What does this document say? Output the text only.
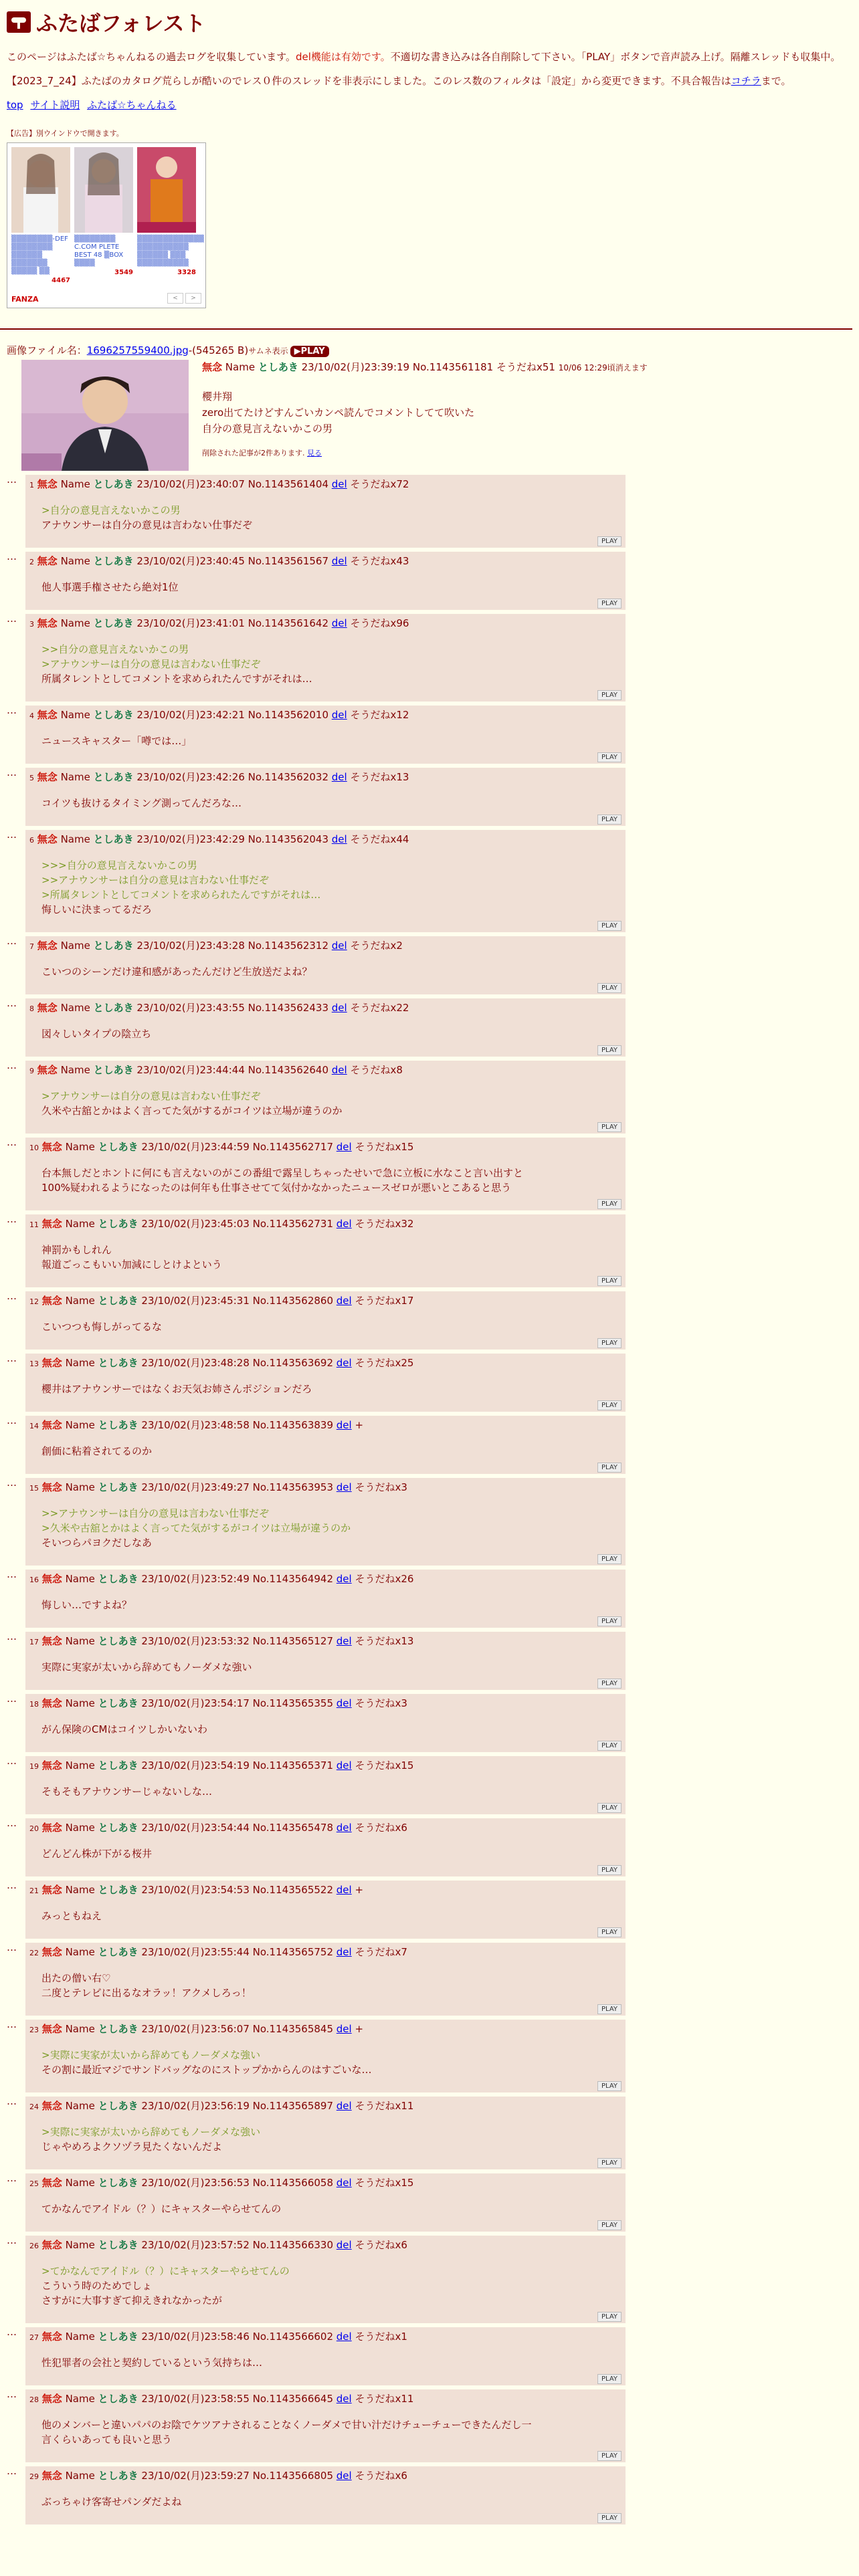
ふたばフォレスト
このページはふたば☆ちゃんねるの過去ログを収集しています。del機能は有効です。不適切な書き込みは各自削除して下さい。「PLAY」ボタンで音声読み上げ。隔離スレッドも収集中。
【2023_7_24】ふたばのカタログ荒らしが酷いのでレス０件のスレッドを非表示にしました。このレス数のフィルタは「設定」から変更できます。不具合報告はコチラまで。
top サイト説明 ふたば☆ちゃんねる
【広告】別ウインドウで開きます。
▒▒▒▒▒▒▒▒-DEF ▒▒▒▒▒▒▒▒ ▒▒▒▒▒▒ ▒▒▒▒▒▒▒ ▒▒▒▒▒ ▒▒
4467
▒▒▒▒▒▒▒▒ C.COM PLETE BEST 48 ▒BOX ▒▒▒▒
3549
▒▒▒▒▒▒▒▒▒▒▒▒▒ ▒▒▒▒▒▒▒▒▒▒ ▒▒▒▒▒▒ ▒▒▒ ▒▒▒▒▒▒▒▒▒▒
3328
FANZA	<	>
画像ファイル名：1696257559400.jpg-(545265 B)サムネ表示 ▶PLAY
無念 Name としあき 23/10/02(月)23:39:19 No.1143561181 そうだねx51 10/06 12:29頃消えます
櫻井翔
zero出てたけどすんごいカンペ読んでコメントしてて吹いた
自分の意見言えないかこの男
削除された記事が2件あります. 見る
…	1 無念 Name としあき 23/10/02(月)23:40:07 No.1143561404 del そうだねx72
>自分の意見言えないかこの男
アナウンサーは自分の意見は言わない仕事だぞ
PLAY
…	2 無念 Name としあき 23/10/02(月)23:40:45 No.1143561567 del そうだねx43
他人事選手権させたら絶対1位
PLAY
…	3 無念 Name としあき 23/10/02(月)23:41:01 No.1143561642 del そうだねx96
>>自分の意見言えないかこの男
>アナウンサーは自分の意見は言わない仕事だぞ
所属タレントとしてコメントを求められたんですがそれは…
PLAY
…	4 無念 Name としあき 23/10/02(月)23:42:21 No.1143562010 del そうだねx12
ニュースキャスター「噂では…」
PLAY
…	5 無念 Name としあき 23/10/02(月)23:42:26 No.1143562032 del そうだねx13
コイツも抜けるタイミング測ってんだろな…
PLAY
…	6 無念 Name としあき 23/10/02(月)23:42:29 No.1143562043 del そうだねx44
>>>自分の意見言えないかこの男
>>アナウンサーは自分の意見は言わない仕事だぞ
>所属タレントとしてコメントを求められたんですがそれは…
悔しいに決まってるだろ
PLAY
…	7 無念 Name としあき 23/10/02(月)23:43:28 No.1143562312 del そうだねx2
こいつのシーンだけ違和感があったんだけど生放送だよね？
PLAY
…	8 無念 Name としあき 23/10/02(月)23:43:55 No.1143562433 del そうだねx22
図々しいタイプの陰立ち
PLAY
…	9 無念 Name としあき 23/10/02(月)23:44:44 No.1143562640 del そうだねx8
>アナウンサーは自分の意見は言わない仕事だぞ
久米や古舘とかはよく言ってた気がするがコイツは立場が違うのか
PLAY
…	10 無念 Name としあき 23/10/02(月)23:44:59 No.1143562717 del そうだねx15
台本無しだとホントに何にも言えないのがこの番組で露呈しちゃったせいで急に立板に水なこと言い出すと
100%疑われるようになったのは何年も仕事させてて気付かなかったニュースゼロが悪いとこあると思う
PLAY
…	11 無念 Name としあき 23/10/02(月)23:45:03 No.1143562731 del そうだねx32
神罰かもしれん
報道ごっこもいい加減にしとけよという
PLAY
…	12 無念 Name としあき 23/10/02(月)23:45:31 No.1143562860 del そうだねx17
こいつつも悔しがってるな
PLAY
…	13 無念 Name としあき 23/10/02(月)23:48:28 No.1143563692 del そうだねx25
櫻井はアナウンサーではなくお天気お姉さんポジションだろ
PLAY
…	14 無念 Name としあき 23/10/02(月)23:48:58 No.1143563839 del +
創価に粘着されてるのか
PLAY
…	15 無念 Name としあき 23/10/02(月)23:49:27 No.1143563953 del そうだねx3
>>アナウンサーは自分の意見は言わない仕事だぞ
>久米や古舘とかはよく言ってた気がするがコイツは立場が違うのか
そいつらパヨクだしなあ
PLAY
…	16 無念 Name としあき 23/10/02(月)23:52:49 No.1143564942 del そうだねx26
悔しい…ですよね？
PLAY
…	17 無念 Name としあき 23/10/02(月)23:53:32 No.1143565127 del そうだねx13
実際に実家が太いから辞めてもノーダメな強い
PLAY
…	18 無念 Name としあき 23/10/02(月)23:54:17 No.1143565355 del そうだねx3
がん保険のCMはコイツしかいないわ
PLAY
…	19 無念 Name としあき 23/10/02(月)23:54:19 No.1143565371 del そうだねx15
そもそもアナウンサーじゃないしな…
PLAY
…	20 無念 Name としあき 23/10/02(月)23:54:44 No.1143565478 del そうだねx6
どんどん株が下がる桜井
PLAY
…	21 無念 Name としあき 23/10/02(月)23:54:53 No.1143565522 del +
みっともねえ
PLAY
…	22 無念 Name としあき 23/10/02(月)23:55:44 No.1143565752 del そうだねx7
出たの僧い右♡
二度とテレビに出るなオラッ！アクメしろっ！
PLAY
…	23 無念 Name としあき 23/10/02(月)23:56:07 No.1143565845 del +
>実際に実家が太いから辞めてもノーダメな強い
その割に最近マジでサンドバッグなのにストップかからんのはすごいな…
PLAY
…	24 無念 Name としあき 23/10/02(月)23:56:19 No.1143565897 del そうだねx11
>実際に実家が太いから辞めてもノーダメな強い
じゃやめろよクソヅラ見たくないんだよ
PLAY
…	25 無念 Name としあき 23/10/02(月)23:56:53 No.1143566058 del そうだねx15
てかなんでアイドル（？）にキャスターやらせてんの
PLAY
…	26 無念 Name としあき 23/10/02(月)23:57:52 No.1143566330 del そうだねx6
>てかなんでアイドル（？）にキャスターやらせてんの
こういう時のためでしょ
さすがに大事すぎて抑えきれなかったが
PLAY
…	27 無念 Name としあき 23/10/02(月)23:58:46 No.1143566602 del そうだねx1
性犯罪者の会社と契約しているという気持ちは…
PLAY
…	28 無念 Name としあき 23/10/02(月)23:58:55 No.1143566645 del そうだねx11
他のメンバーと違いパパのお陰でケツアナされることなくノーダメで甘い汁だけチューチューできたんだし一
言くらいあっても良いと思う
PLAY
…	29 無念 Name としあき 23/10/02(月)23:59:27 No.1143566805 del そうだねx6
ぶっちゃけ客寄せパンダだよね
PLAY
